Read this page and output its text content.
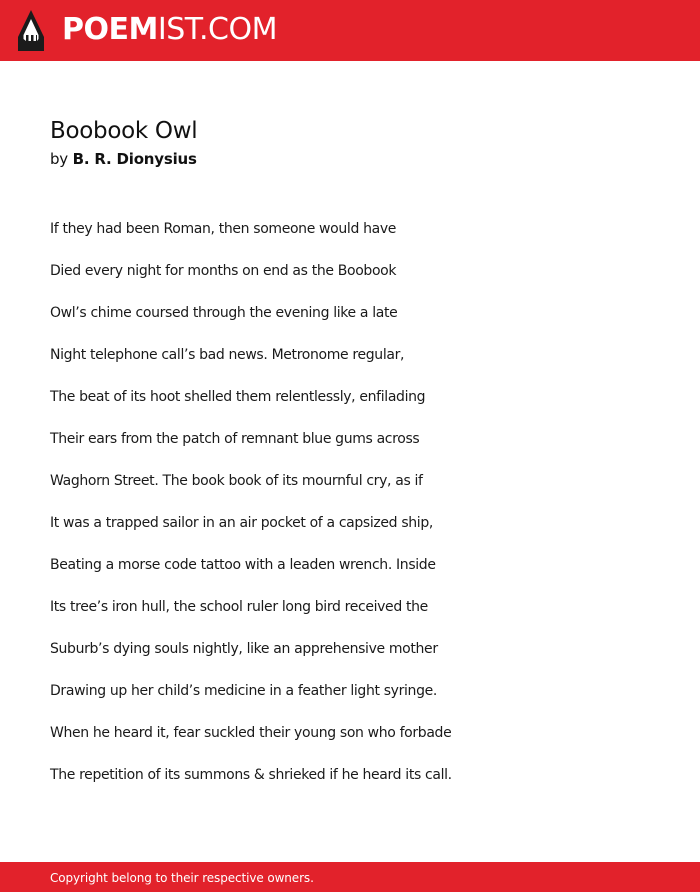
POEMIST.COM
Boobook Owl
by B. R. Dionysius
If they had been Roman, then someone would have
Died every night for months on end as the Boobook
Owl’s chime coursed through the evening like a late
Night telephone call’s bad news. Metronome regular,
The beat of its hoot shelled them relentlessly, enfilading
Their ears from the patch of remnant blue gums across
Waghorn Street. The book book of its mournful cry, as if
It was a trapped sailor in an air pocket of a capsized ship,
Beating a morse code tattoo with a leaden wrench. Inside
Its tree’s iron hull, the school ruler long bird received the
Suburb’s dying souls nightly, like an apprehensive mother
Drawing up her child’s medicine in a feather light syringe.
When he heard it, fear suckled their young son who forbade
The repetition of its summons & shrieked if he heard its call.
Copyright belong to their respective owners.
